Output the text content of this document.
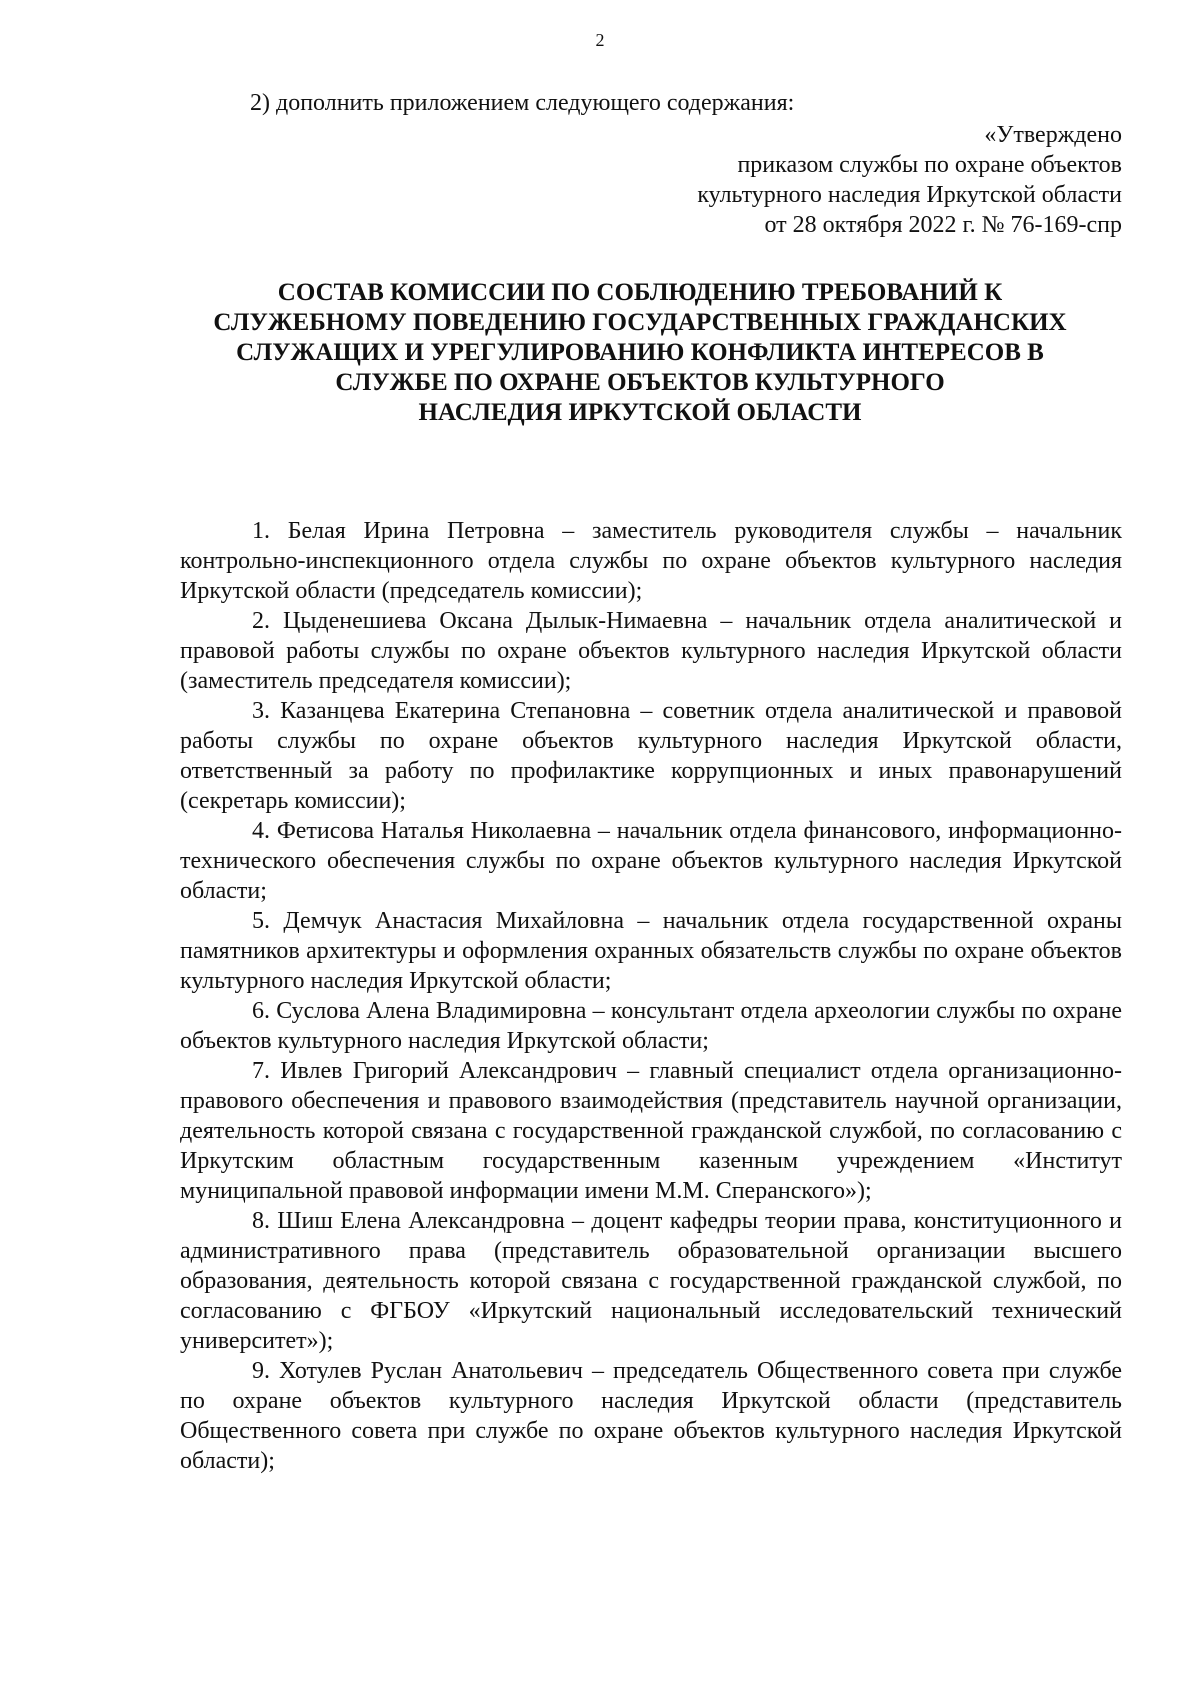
2
2) дополнить приложением следующего содержания:
«Утверждено
приказом службы по охране объектов
культурного наследия Иркутской области
от 28 октября 2022 г. № 76-169-спр
СОСТАВ КОМИССИИ ПО СОБЛЮДЕНИЮ ТРЕБОВАНИЙ К
СЛУЖЕБНОМУ ПОВЕДЕНИЮ ГОСУДАРСТВЕННЫХ ГРАЖДАНСКИХ
СЛУЖАЩИХ И УРЕГУЛИРОВАНИЮ КОНФЛИКТА ИНТЕРЕСОВ В
СЛУЖБЕ ПО ОХРАНЕ ОБЪЕКТОВ КУЛЬТУРНОГО
НАСЛЕДИЯ ИРКУТСКОЙ ОБЛАСТИ

1. Белая Ирина Петровна – заместитель руководителя службы – начальник контрольно-инспекционного отдела службы по охране объектов культурного наследия Иркутской области (председатель комиссии);

2. Цыденешиева Оксана Дылык-Нимаевна – начальник отдела аналитической и правовой работы службы по охране объектов культурного наследия Иркутской области (заместитель председателя комиссии);

3. Казанцева Екатерина Степановна – советник отдела аналитической и правовой работы службы по охране объектов культурного наследия Иркутской области, ответственный за работу по профилактике коррупционных и иных правонарушений (секретарь комиссии);

4. Фетисова Наталья Николаевна – начальник отдела финансового, информационно-технического обеспечения службы по охране объектов культурного наследия Иркутской области;

5. Демчук Анастасия Михайловна – начальник отдела государственной охраны памятников архитектуры и оформления охранных обязательств службы по охране объектов культурного наследия Иркутской области;

6. Суслова Алена Владимировна – консультант отдела археологии службы по охране объектов культурного наследия Иркутской области;

7. Ивлев Григорий Александрович – главный специалист отдела организационно-правового обеспечения и правового взаимодействия (представитель научной организации, деятельность которой связана с государственной гражданской службой, по согласованию с Иркутским областным государственным казенным учреждением «Институт муниципальной правовой информации имени М.М. Сперанского»);

8. Шиш Елена Александровна – доцент кафедры теории права, конституционного и административного права (представитель образовательной организации высшего образования, деятельность которой связана с государственной гражданской службой, по согласованию с ФГБОУ «Иркутский национальный исследовательский технический университет»);

9. Хотулев Руслан Анатольевич – председатель Общественного совета при службе по охране объектов культурного наследия Иркутской области (представитель Общественного совета при службе по охране объектов культурного наследия Иркутской области);
